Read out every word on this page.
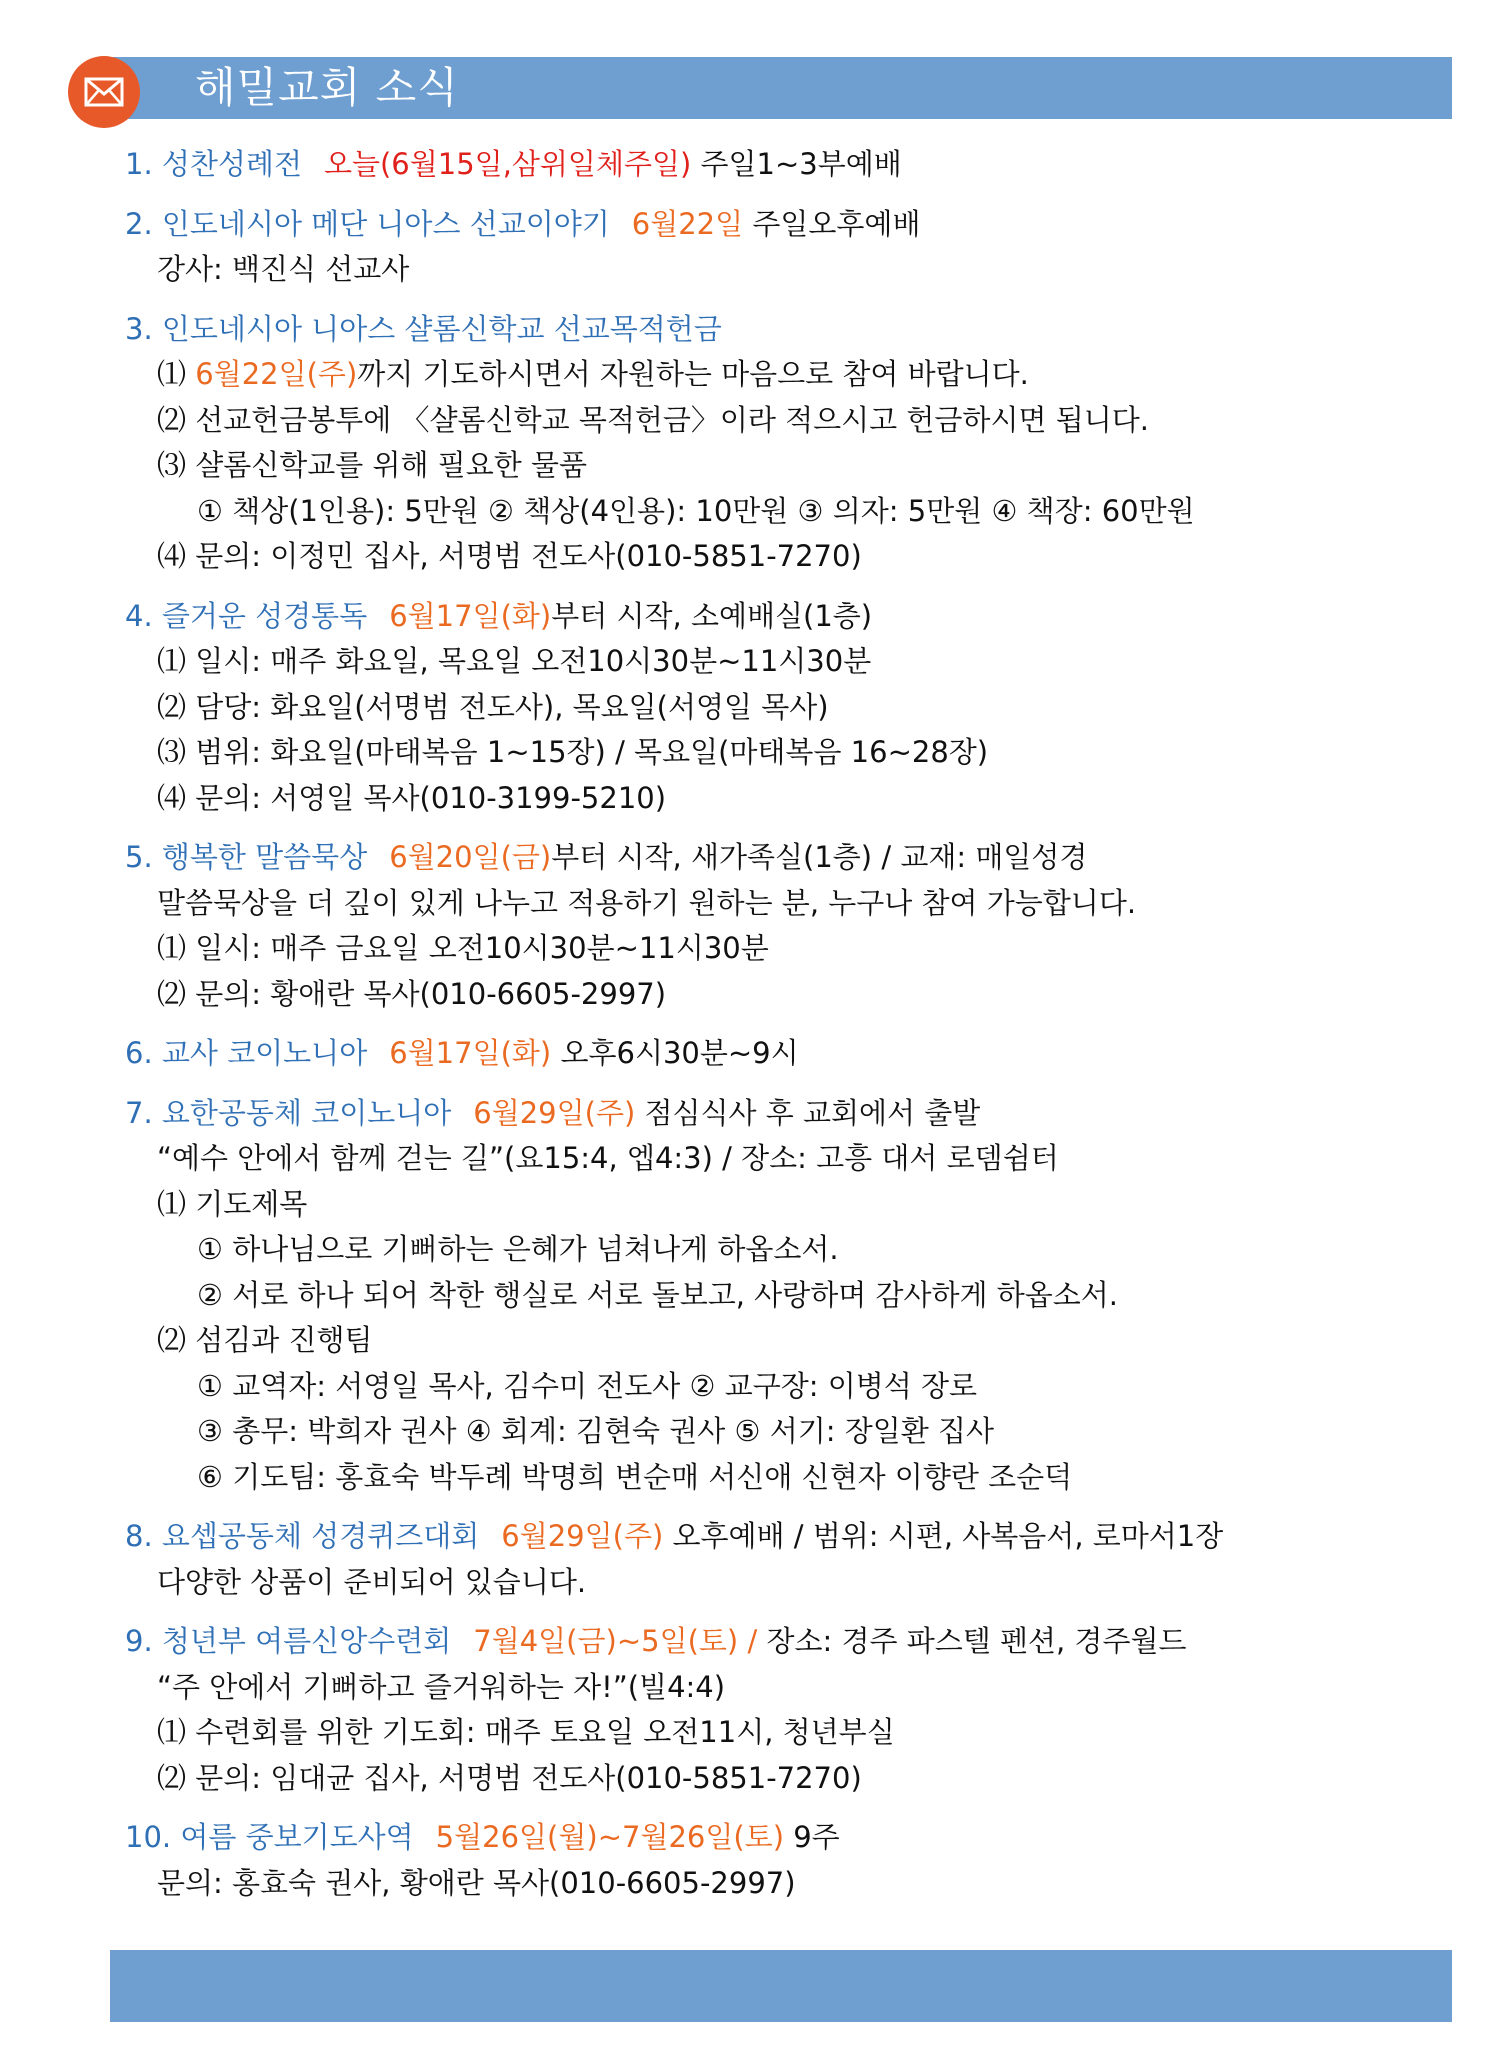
해밀교회 소식
1. 성찬성례전 오늘(6월15일,삼위일체주일) 주일1~3부예배
2. 인도네시아 메단 니아스 선교이야기 6월22일 주일오후예배
강사: 백진식 선교사
3. 인도네시아 니아스 샬롬신학교 선교목적헌금
⑴ 6월22일(주)까지 기도하시면서 자원하는 마음으로 참여 바랍니다.
⑵ 선교헌금봉투에 〈샬롬신학교 목적헌금〉이라 적으시고 헌금하시면 됩니다.
⑶ 샬롬신학교를 위해 필요한 물품
① 책상(1인용): 5만원 ② 책상(4인용): 10만원 ③ 의자: 5만원 ④ 책장: 60만원
⑷ 문의: 이정민 집사, 서명범 전도사(010-5851-7270)
4. 즐거운 성경통독 6월17일(화)부터 시작, 소예배실(1층)
⑴ 일시: 매주 화요일, 목요일 오전10시30분~11시30분
⑵ 담당: 화요일(서명범 전도사), 목요일(서영일 목사)
⑶ 범위: 화요일(마태복음 1~15장) / 목요일(마태복음 16~28장)
⑷ 문의: 서영일 목사(010-3199-5210)
5. 행복한 말씀묵상 6월20일(금)부터 시작, 새가족실(1층) / 교재: 매일성경
말씀묵상을 더 깊이 있게 나누고 적용하기 원하는 분, 누구나 참여 가능합니다.
⑴ 일시: 매주 금요일 오전10시30분~11시30분
⑵ 문의: 황애란 목사(010-6605-2997)
6. 교사 코이노니아 6월17일(화) 오후6시30분~9시
7. 요한공동체 코이노니아 6월29일(주) 점심식사 후 교회에서 출발
“예수 안에서 함께 걷는 길”(요15:4, 엡4:3) / 장소: 고흥 대서 로뎀쉼터
⑴ 기도제목
① 하나님으로 기뻐하는 은혜가 넘쳐나게 하옵소서.
② 서로 하나 되어 착한 행실로 서로 돌보고, 사랑하며 감사하게 하옵소서.
⑵ 섬김과 진행팀
① 교역자: 서영일 목사, 김수미 전도사 ② 교구장: 이병석 장로
③ 총무: 박희자 권사 ④ 회계: 김현숙 권사 ⑤ 서기: 장일환 집사
⑥ 기도팀: 홍효숙 박두례 박명희 변순매 서신애 신현자 이향란 조순덕
8. 요셉공동체 성경퀴즈대회 6월29일(주) 오후예배 / 범위: 시편, 사복음서, 로마서1장
다양한 상품이 준비되어 있습니다.
9. 청년부 여름신앙수련회 7월4일(금)~5일(토) / 장소: 경주 파스텔 펜션, 경주월드
“주 안에서 기뻐하고 즐거워하는 자!”(빌4:4)
⑴ 수련회를 위한 기도회: 매주 토요일 오전11시, 청년부실
⑵ 문의: 임대균 집사, 서명범 전도사(010-5851-7270)
10. 여름 중보기도사역 5월26일(월)~7월26일(토) 9주
문의: 홍효숙 권사, 황애란 목사(010-6605-2997)
